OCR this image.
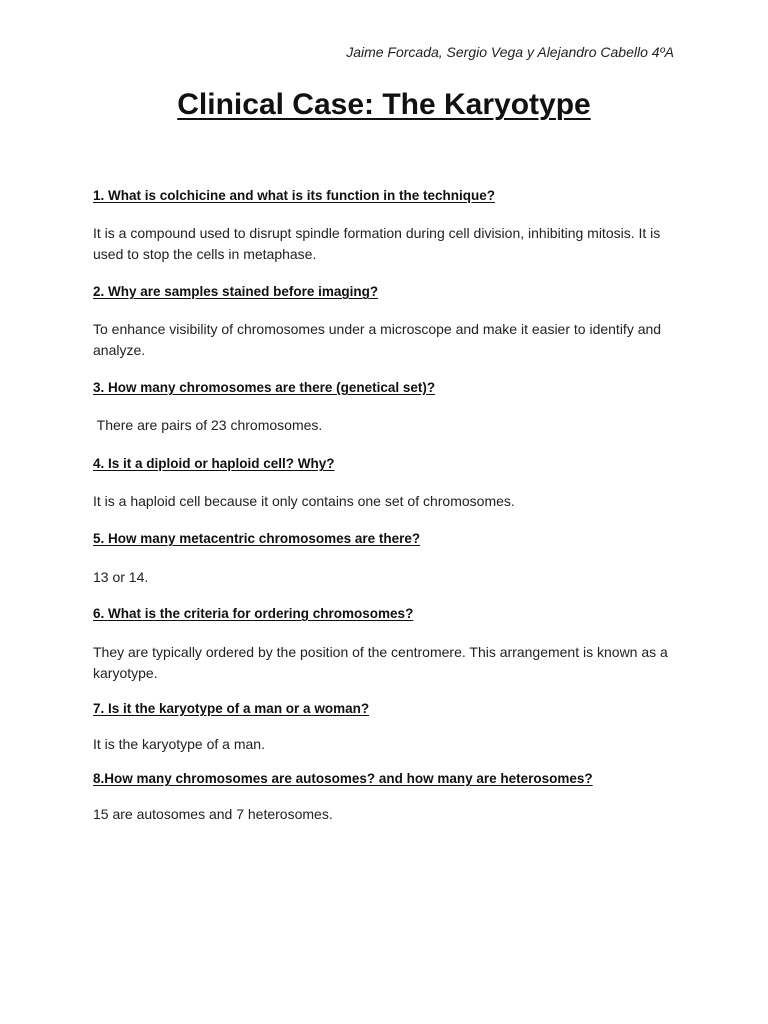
Jaime Forcada, Sergio Vega y Alejandro Cabello 4ºA
Clinical Case: The Karyotype

1. What is colchicine and what is its function in the technique?

It is a compound used to disrupt spindle formation during cell division, inhibiting mitosis. It is used to stop the cells in metaphase.

2. Why are samples stained before imaging?

To enhance visibility of chromosomes under a microscope and make it easier to identify and analyze.

3. How many chromosomes are there (genetical set)?

There are pairs of 23 chromosomes.

4. Is it a diploid or haploid cell? Why?

It is a haploid cell because it only contains one set of chromosomes.

5. How many metacentric chromosomes are there?

13 or 14.

6. What is the criteria for ordering chromosomes?

They are typically ordered by the position of the centromere. This arrangement is known as a karyotype.

7. Is it the karyotype of a man or a woman?

It is the karyotype of a man.

8.How many chromosomes are autosomes? and how many are heterosomes?

15 are autosomes and 7 heterosomes.
